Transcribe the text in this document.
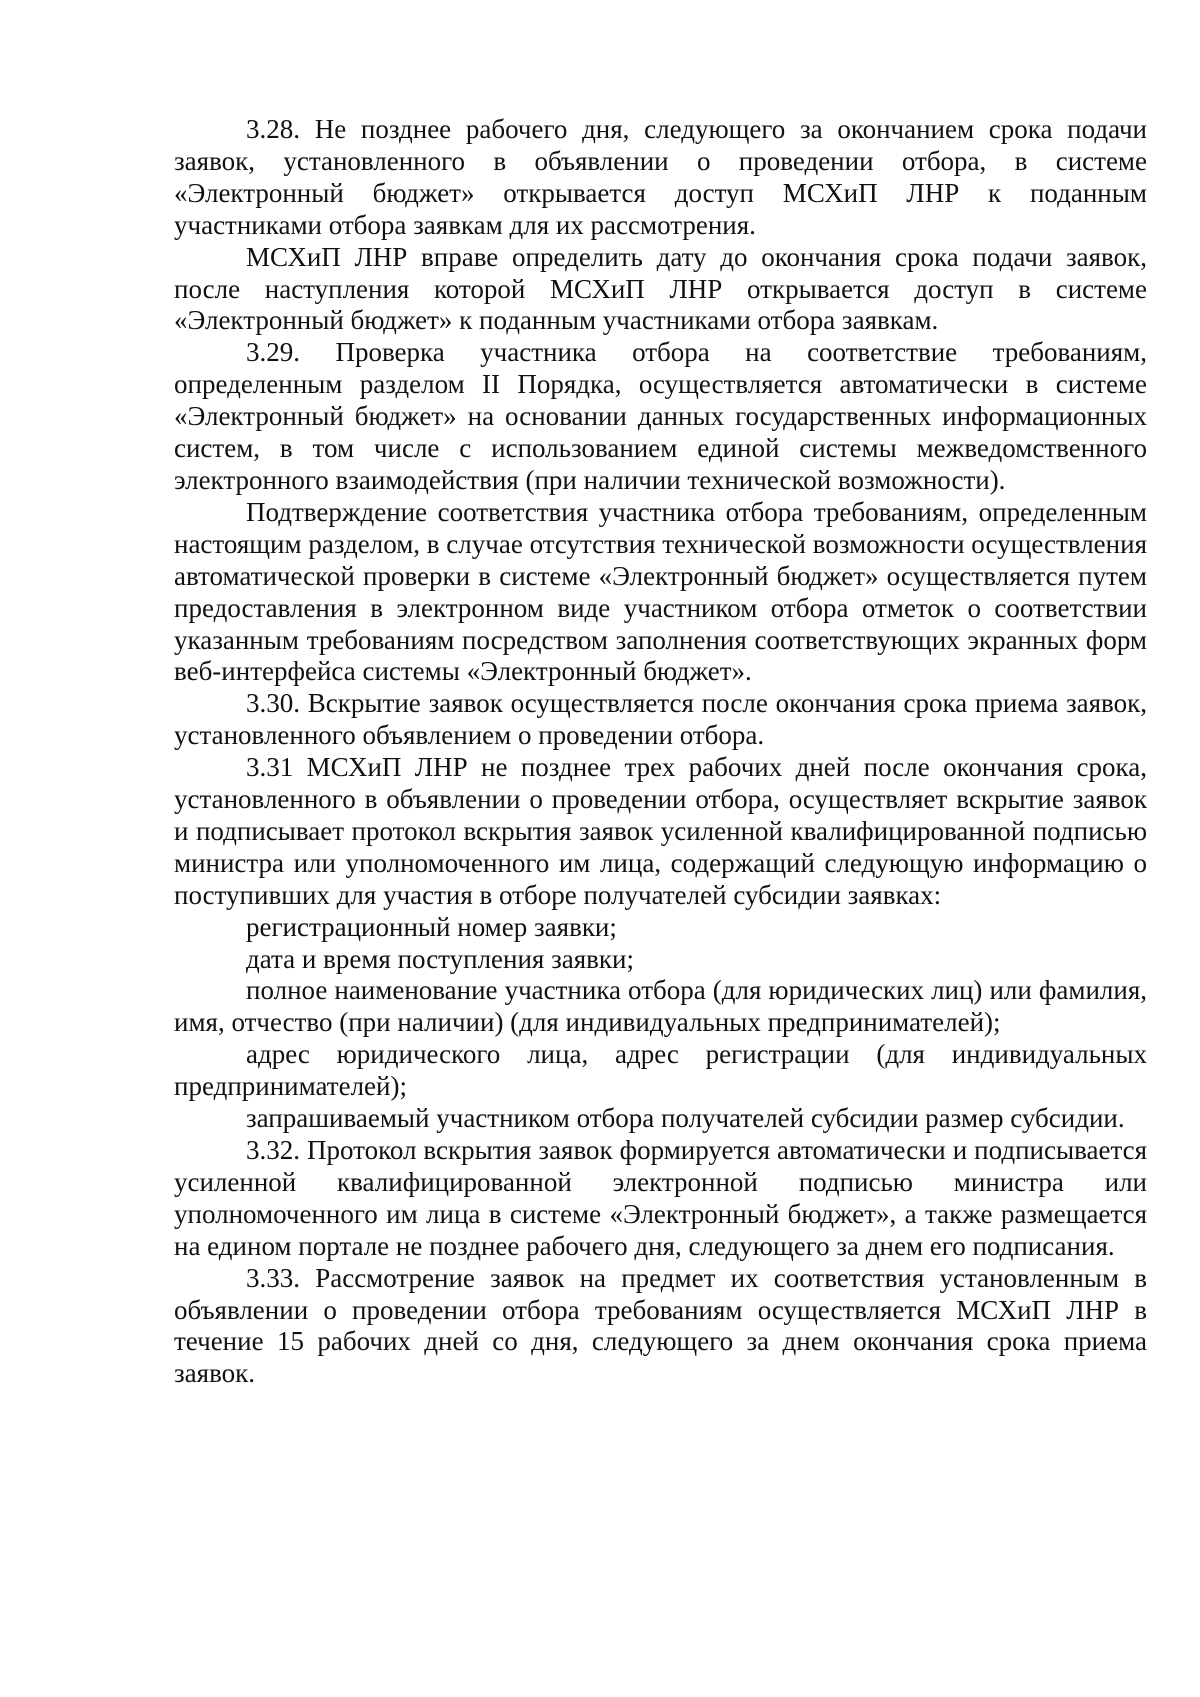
3.28. Не позднее рабочего дня, следующего за окончанием срока подачи заявок, установленного в объявлении о проведении отбора, в системе «Электронный бюджет» открывается доступ МСХиП ЛНР к поданным участниками отбора заявкам для их рассмотрения.

МСХиП ЛНР вправе определить дату до окончания срока подачи заявок, после наступления которой МСХиП ЛНР открывается доступ в системе «Электронный бюджет» к поданным участниками отбора заявкам.

3.29. Проверка участника отбора на соответствие требованиям, определенным разделом II Порядка, осуществляется автоматически в системе «Электронный бюджет» на основании данных государственных информационных систем, в том числе с использованием единой системы межведомственного электронного взаимодействия (при наличии технической возможности).

Подтверждение соответствия участника отбора требованиям, определенным настоящим разделом, в случае отсутствия технической возможности осуществления автоматической проверки в системе «Электронный бюджет» осуществляется путем предоставления в электронном виде участником отбора отметок о соответствии указанным требованиям посредством заполнения соответствующих экранных форм веб-интерфейса системы «Электронный бюджет».

3.30. Вскрытие заявок осуществляется после окончания срока приема заявок, установленного объявлением о проведении отбора.

3.31 МСХиП ЛНР не позднее трех рабочих дней после окончания срока, установленного в объявлении о проведении отбора, осуществляет вскрытие заявок и подписывает протокол вскрытия заявок усиленной квалифицированной подписью министра или уполномоченного им лица, содержащий следующую информацию о поступивших для участия в отборе получателей субсидии заявках:

регистрационный номер заявки;

дата и время поступления заявки;

полное наименование участника отбора (для юридических лиц) или фамилия, имя, отчество (при наличии) (для индивидуальных предпринимателей);

адрес юридического лица, адрес регистрации (для индивидуальных предпринимателей);

запрашиваемый участником отбора получателей субсидии размер субсидии.

3.32. Протокол вскрытия заявок формируется автоматически и подписывается усиленной квалифицированной электронной подписью министра или уполномоченного им лица в системе «Электронный бюджет», а также размещается на едином портале не позднее рабочего дня, следующего за днем его подписания.

3.33. Рассмотрение заявок на предмет их соответствия установленным в объявлении о проведении отбора требованиям осуществляется МСХиП ЛНР в течение 15 рабочих дней со дня, следующего за днем окончания срока приема заявок.
